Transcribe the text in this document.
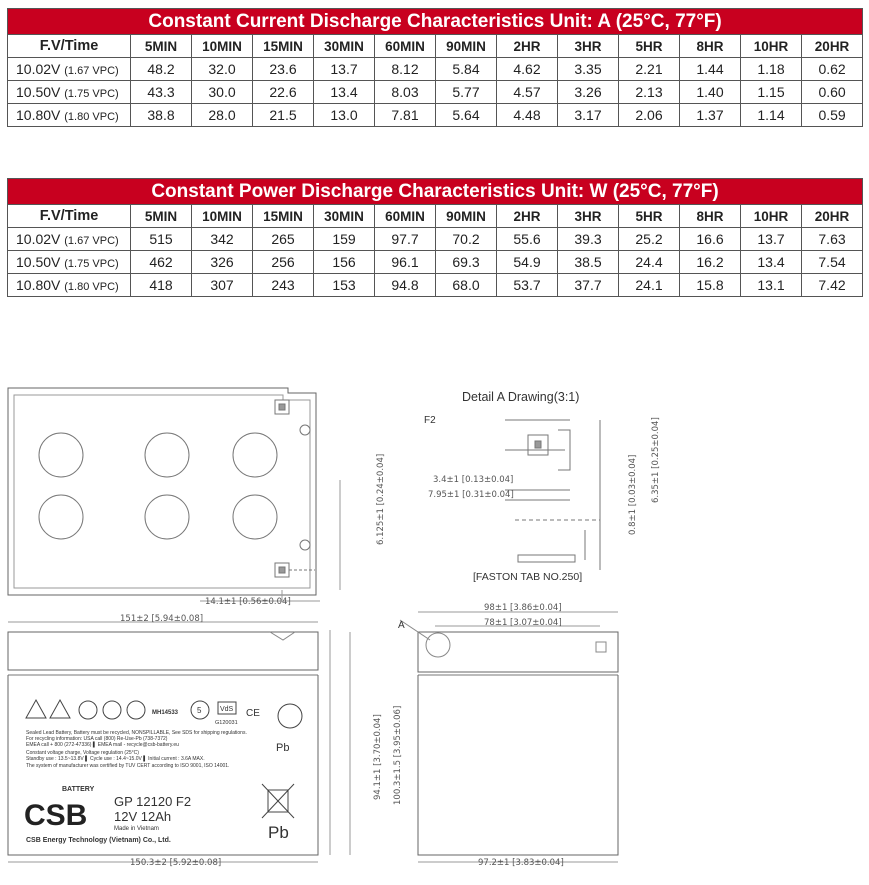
Constant Current Discharge Characteristics Unit: A (25°C, 77°F)												
F.V/Time	5MIN	10MIN	15MIN	30MIN	60MIN	90MIN	2HR	3HR	5HR	8HR	10HR	20HR
10.02V (1.67 VPC)	48.2	32.0	23.6	13.7	8.12	5.84	4.62	3.35	2.21	1.44	1.18	0.62
10.50V (1.75 VPC)	43.3	30.0	22.6	13.4	8.03	5.77	4.57	3.26	2.13	1.40	1.15	0.60
10.80V (1.80 VPC)	38.8	28.0	21.5	13.0	7.81	5.64	4.48	3.17	2.06	1.37	1.14	0.59
Constant Power Discharge Characteristics Unit: W (25°C, 77°F)												
F.V/Time	5MIN	10MIN	15MIN	30MIN	60MIN	90MIN	2HR	3HR	5HR	8HR	10HR	20HR
10.02V (1.67 VPC)	515	342	265	159	97.7	70.2	55.6	39.3	25.2	16.6	13.7	7.63
10.50V (1.75 VPC)	462	326	256	156	96.1	69.3	54.9	38.5	24.4	16.2	13.4	7.54
10.80V (1.80 VPC)	418	307	243	153	94.8	68.0	53.7	37.7	24.1	15.8	13.1	7.42
6.125±1 [0.24±0.04]
14.1±1 [0.56±0.04]
Detail A Drawing(3:1)
F2
3.4±1 [0.13±0.04]
7.95±1 [0.31±0.04]	6.35±1 [0.25±0.04]
0.8±1 [0.03±0.04]
[FASTON TAB NO.250]
151±2 [5.94±0.08]
150.3±2 [5.92±0.08]
94.1±1 [3.70±0.04] 100.3±1.5 [3.95±0.06]
MH14533 5	VdS
G120031
CE
Pb
Pb
Sealed Lead Battery, Battery must be recycled, NONSPILLABLE, See SDS for shipping regulations.
For recycling information: USA call (800) Re-Use-Pb (738-7372)
EMEA call + 800 (272-47336) ▌ EMEA mail - recycle@csb-battery.eu
Constant voltage charge, Voltage regulation (25°C)
Standby use : 13.5~13.8V ▌ Cycle use : 14.4~15.0V ▌ Initial current : 3.6A MAX.
The system of manufacturer was certified by TUV CERT according to ISO 9001, ISO 14001.
CSB
BATTERY
GP 12120 F2
12V 12Ah
Made in Vietnam
CSB Energy Technology (Vietnam) Co., Ltd.
A
98±1 [3.86±0.04]
78±1 [3.07±0.04]
97.2±1 [3.83±0.04]
